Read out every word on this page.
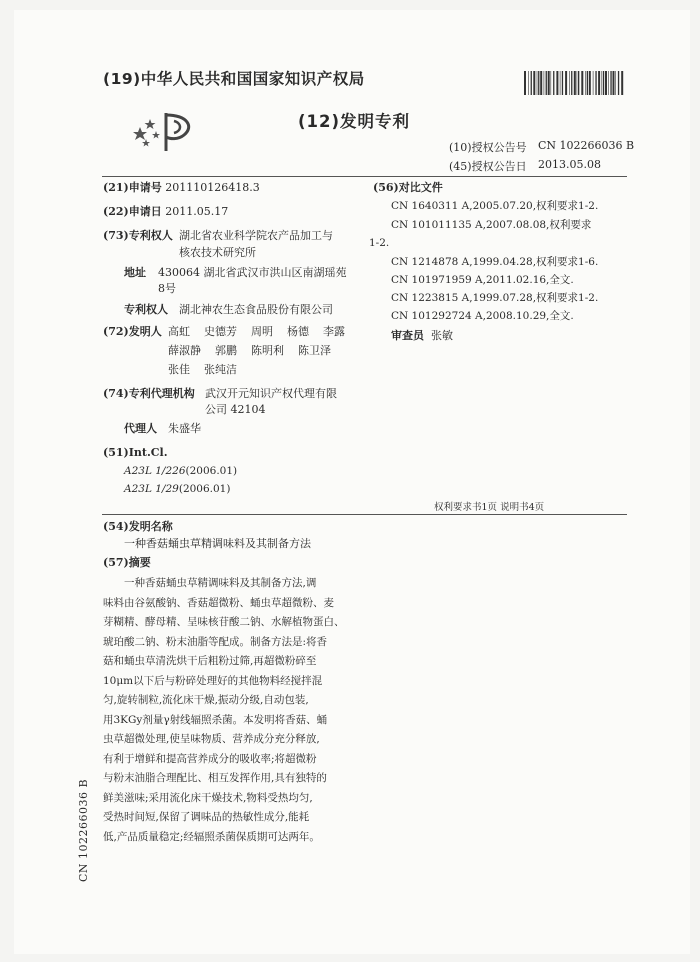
(19)中华人民共和国国家知识产权局
(12)发明专利
(10)授权公告号 CN 102266036 B
(45)授权公告日 2013.05.08
(21)申请号 201110126418.3
(22)申请日 2011.05.17
(73)专利权人 湖北省农业科学院农产品加工与
核农技术研究所
地址 430064 湖北省武汉市洪山区南湖瑶苑
8号
专利权人 湖北神农生态食品股份有限公司
(72)发明人 高虹 史德芳 周明 杨德 李露
薛淑静 郭鹏 陈明利 陈卫泽
张佳 张纯洁
(74)专利代理机构 武汉开元知识产权代理有限
公司 42104
代理人 朱盛华
(51)Int.Cl.
A23L 1/226(2006.01)
A23L 1/29(2006.01)
(56)对比文件
CN 1640311 A,2005.07.20,权利要求1-2.
CN 101011135 A,2007.08.08,权利要求
1-2.
CN 1214878 A,1999.04.28,权利要求1-6.
CN 101971959 A,2011.02.16,全文.
CN 1223815 A,1999.07.28,权利要求1-2.
CN 101292724 A,2008.10.29,全文.
审查员 张敏
权利要求书1页 说明书4页
(54)发明名称
一种香菇蛹虫草精调味料及其制备方法
(57)摘要
　　一种香菇蛹虫草精调味料及其制备方法,调
味料由谷氨酸钠、香菇超微粉、蛹虫草超微粉、麦
芽糊精、酵母精、呈味核苷酸二钠、水解植物蛋白、
琥珀酸二钠、粉末油脂等配成。制备方法是:将香
菇和蛹虫草清洗烘干后粗粉过筛,再超微粉碎至
10μm以下后与粉碎处理好的其他物料经搅拌混
匀,旋转制粒,流化床干燥,振动分级,自动包装,
用3KGy剂量γ射线辐照杀菌。本发明将香菇、蛹
虫草超微处理,使呈味物质、营养成分充分释放,
有利于增鲜和提高营养成分的吸收率;将超微粉
与粉末油脂合理配比、相互发挥作用,具有独特的
鲜美滋味;采用流化床干燥技术,物料受热均匀,
受热时间短,保留了调味品的热敏性成分,能耗
低,产品质量稳定;经辐照杀菌保质期可达两年。
CN 102266036 B
